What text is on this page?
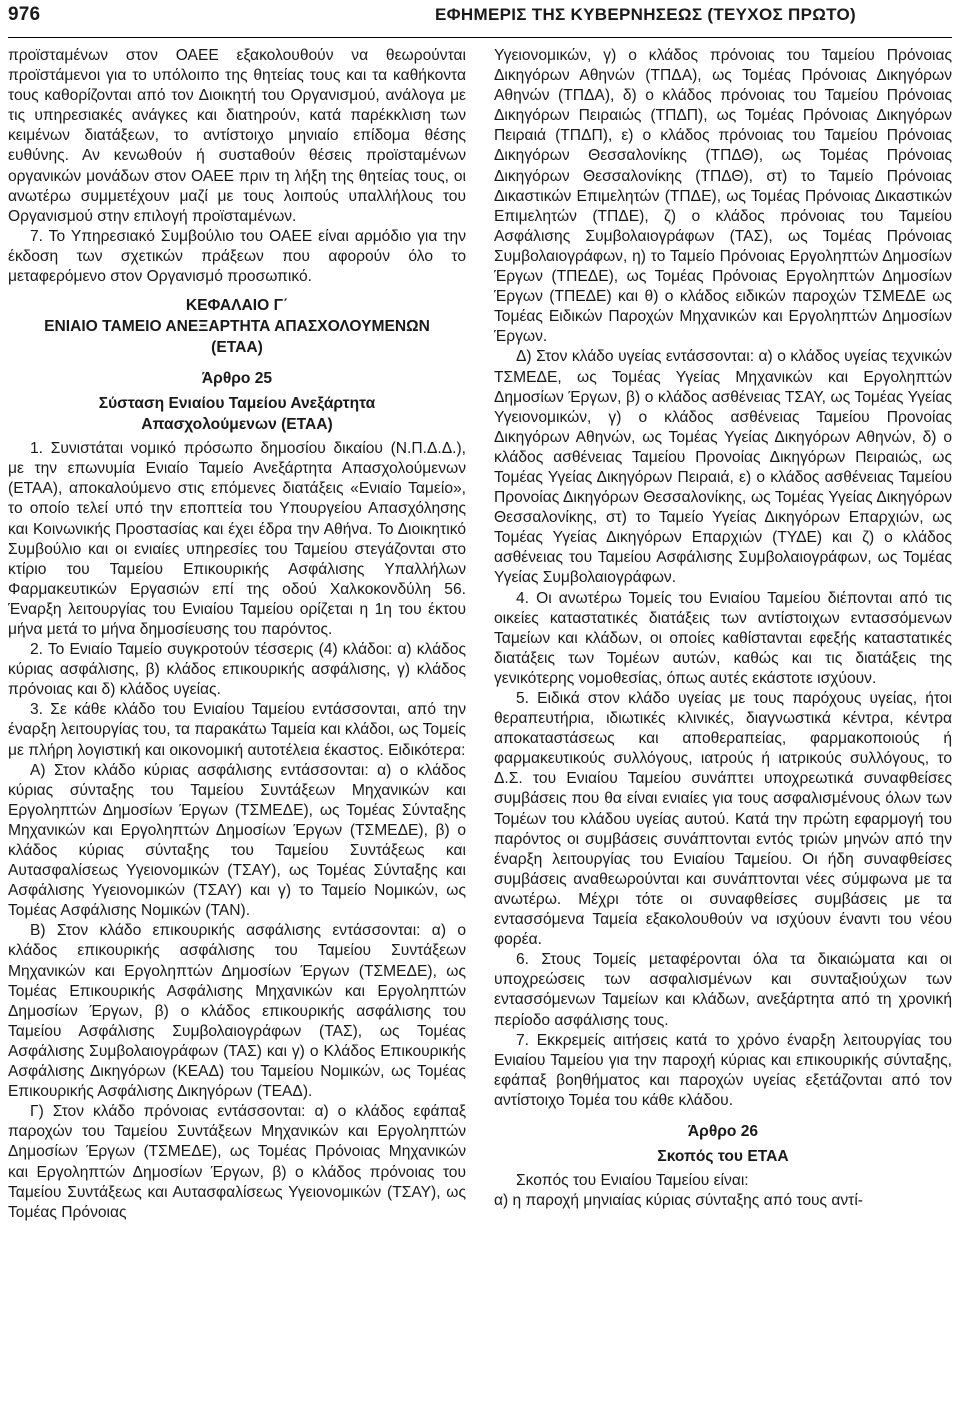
976	ΕΦΗΜΕΡΙΣ ΤΗΣ ΚΥΒΕΡΝΗΣΕΩΣ (ΤΕΥΧΟΣ ΠΡΩΤΟ)

προϊσταμένων στον ΟΑΕΕ εξακολουθούν να θεωρούνται προϊστάμενοι για το υπόλοιπο της θητείας τους και τα καθήκοντα τους καθορίζονται από τον Διοικητή του Οργανισμού, ανάλογα με τις υπηρεσιακές ανάγκες και διατηρούν, κατά παρέκκλιση των κειμένων διατάξεων, το αντίστοιχο μηνιαίο επίδομα θέσης ευθύνης. Αν κενωθούν ή συσταθούν θέσεις προϊσταμένων οργανικών μονάδων στον ΟΑΕΕ πριν τη λήξη της θητείας τους, οι ανωτέρω συμμετέχουν μαζί με τους λοιπούς υπαλλήλους του Οργανισμού στην επιλογή προϊσταμένων.

7. Το Υπηρεσιακό Συμβούλιο του ΟΑΕΕ είναι αρμόδιο για την έκδοση των σχετικών πράξεων που αφορούν όλο το μεταφερόμενο στον Οργανισμό προσωπικό.

ΚΕΦΑΛΑΙΟ Γ΄
ΕΝΙΑΙΟ ΤΑΜΕΙΟ ΑΝΕΞΑΡΤΗΤΑ ΑΠΑΣΧΟΛΟΥΜΕΝΩΝ
(ΕΤΑΑ)
Άρθρο 25
Σύσταση Ενιαίου Ταμείου Ανεξάρτητα
Απασχολούμενων (ΕΤΑΑ)

1. Συνιστάται νομικό πρόσωπο δημοσίου δικαίου (Ν.Π.Δ.Δ.), με την επωνυμία Ενιαίο Ταμείο Ανεξάρτητα Απασχολούμενων (ΕΤΑΑ), αποκαλούμενο στις επόμενες διατάξεις «Ενιαίο Ταμείο», το οποίο τελεί υπό την εποπτεία του Υπουργείου Απασχόλησης και Κοινωνικής Προστασίας και έχει έδρα την Αθήνα. Το Διοικητικό Συμβούλιο και οι ενιαίες υπηρεσίες του Ταμείου στεγάζονται στο κτίριο του Ταμείου Επικουρικής Ασφάλισης Υπαλλήλων Φαρμακευτικών Εργασιών επί της οδού Χαλκοκονδύλη 56. Έναρξη λειτουργίας του Ενιαίου Ταμείου ορίζεται η 1η του έκτου μήνα μετά το μήνα δημοσίευσης του παρόντος.

2. Το Ενιαίο Ταμείο συγκροτούν τέσσερις (4) κλάδοι: α) κλάδος κύριας ασφάλισης, β) κλάδος επικουρικής ασφάλισης, γ) κλάδος πρόνοιας και δ) κλάδος υγείας.

3. Σε κάθε κλάδο του Ενιαίου Ταμείου εντάσσονται, από την έναρξη λειτουργίας του, τα παρακάτω Ταμεία και κλάδοι, ως Τομείς με πλήρη λογιστική και οικονομική αυτοτέλεια έκαστος. Ειδικότερα:

Α) Στον κλάδο κύριας ασφάλισης εντάσσονται: α) ο κλάδος κύριας σύνταξης του Ταμείου Συντάξεων Μηχανικών και Εργοληπτών Δημοσίων Έργων (ΤΣΜΕΔΕ), ως Τομέας Σύνταξης Μηχανικών και Εργοληπτών Δημοσίων Έργων (ΤΣΜΕΔΕ), β) ο κλάδος κύριας σύνταξης του Ταμείου Συντάξεως και Αυτασφαλίσεως Υγειονομικών (ΤΣΑΥ), ως Τομέας Σύνταξης και Ασφάλισης Υγειονομικών (ΤΣΑΥ) και γ) το Ταμείο Νομικών, ως Τομέας Ασφάλισης Νομικών (ΤΑΝ).

Β) Στον κλάδο επικουρικής ασφάλισης εντάσσονται: α) ο κλάδος επικουρικής ασφάλισης του Ταμείου Συντάξεων Μηχανικών και Εργοληπτών Δημοσίων Έργων (ΤΣΜΕΔΕ), ως Τομέας Επικουρικής Ασφάλισης Μηχανικών και Εργοληπτών Δημοσίων Έργων, β) ο κλάδος επικουρικής ασφάλισης του Ταμείου Ασφάλισης Συμβολαιογράφων (ΤΑΣ), ως Τομέας Ασφάλισης Συμβολαιογράφων (ΤΑΣ) και γ) ο Κλάδος Επικουρικής Ασφάλισης Δικηγόρων (ΚΕΑΔ) του Ταμείου Νομικών, ως Τομέας Επικουρικής Ασφάλισης Δικηγόρων (ΤΕΑΔ).

Γ) Στον κλάδο πρόνοιας εντάσσονται: α) ο κλάδος εφάπαξ παροχών του Ταμείου Συντάξεων Μηχανικών και Εργοληπτών Δημοσίων Έργων (ΤΣΜΕΔΕ), ως Τομέας Πρόνοιας Μηχανικών και Εργοληπτών Δημοσίων Έργων, β) ο κλάδος πρόνοιας του Ταμείου Συντάξεως και Αυτασφαλίσεως Υγειονομικών (ΤΣΑΥ), ως Τομέας Πρόνοιας

Υγειονομικών, γ) ο κλάδος πρόνοιας του Ταμείου Πρόνοιας Δικηγόρων Αθηνών (ΤΠΔΑ), ως Τομέας Πρόνοιας Δικηγόρων Αθηνών (ΤΠΔΑ), δ) ο κλάδος πρόνοιας του Ταμείου Πρόνοιας Δικηγόρων Πειραιώς (ΤΠΔΠ), ως Τομέας Πρόνοιας Δικηγόρων Πειραιά (ΤΠΔΠ), ε) ο κλάδος πρόνοιας του Ταμείου Πρόνοιας Δικηγόρων Θεσσαλονίκης (ΤΠΔΘ), ως Τομέας Πρόνοιας Δικηγόρων Θεσσαλονίκης (ΤΠΔΘ), στ) το Ταμείο Πρόνοιας Δικαστικών Επιμελητών (ΤΠΔΕ), ως Τομέας Πρόνοιας Δικαστικών Επιμελητών (ΤΠΔΕ), ζ) ο κλάδος πρόνοιας του Ταμείου Ασφάλισης Συμβολαιογράφων (ΤΑΣ), ως Τομέας Πρόνοιας Συμβολαιογράφων, η) το Ταμείο Πρόνοιας Εργοληπτών Δημοσίων Έργων (ΤΠΕΔΕ), ως Τομέας Πρόνοιας Εργοληπτών Δημοσίων Έργων (ΤΠΕΔΕ) και θ) ο κλάδος ειδικών παροχών ΤΣΜΕΔΕ ως Τομέας Ειδικών Παροχών Μηχανικών και Εργοληπτών Δημοσίων Έργων.

Δ) Στον κλάδο υγείας εντάσσονται: α) ο κλάδος υγείας τεχνικών ΤΣΜΕΔΕ, ως Τομέας Υγείας Μηχανικών και Εργοληπτών Δημοσίων Έργων, β) ο κλάδος ασθένειας ΤΣΑΥ, ως Τομέας Υγείας Υγειονομικών, γ) ο κλάδος ασθένειας Ταμείου Προνοίας Δικηγόρων Αθηνών, ως Τομέας Υγείας Δικηγόρων Αθηνών, δ) ο κλάδος ασθένειας Ταμείου Προνοίας Δικηγόρων Πειραιώς, ως Τομέας Υγείας Δικηγόρων Πειραιά, ε) ο κλάδος ασθένειας Ταμείου Προνοίας Δικηγόρων Θεσσαλονίκης, ως Τομέας Υγείας Δικηγόρων Θεσσαλονίκης, στ) το Ταμείο Υγείας Δικηγόρων Επαρχιών, ως Τομέας Υγείας Δικηγόρων Επαρχιών (ΤΥΔΕ) και ζ) ο κλάδος ασθένειας του Ταμείου Ασφάλισης Συμβολαιογράφων, ως Τομέας Υγείας Συμβολαιογράφων.

4. Οι ανωτέρω Τομείς του Ενιαίου Ταμείου διέπονται από τις οικείες καταστατικές διατάξεις των αντίστοιχων εντασσόμενων Ταμείων και κλάδων, οι οποίες καθίστανται εφεξής καταστατικές διατάξεις των Τομέων αυτών, καθώς και τις διατάξεις της γενικότερης νομοθεσίας, όπως αυτές εκάστοτε ισχύουν.

5. Ειδικά στον κλάδο υγείας με τους παρόχους υγείας, ήτοι θεραπευτήρια, ιδιωτικές κλινικές, διαγνωστικά κέντρα, κέντρα αποκαταστάσεως και αποθεραπείας, φαρμακοποιούς ή φαρμακευτικούς συλλόγους, ιατρούς ή ιατρικούς συλλόγους, το Δ.Σ. του Ενιαίου Ταμείου συνάπτει υποχρεωτικά συναφθείσες συμβάσεις που θα είναι ενιαίες για τους ασφαλισμένους όλων των Τομέων του κλάδου υγείας αυτού. Κατά την πρώτη εφαρμογή του παρόντος οι συμβάσεις συνάπτονται εντός τριών μηνών από την έναρξη λειτουργίας του Ενιαίου Ταμείου. Οι ήδη συναφθείσες συμβάσεις αναθεωρούνται και συνάπτονται νέες σύμφωνα με τα ανωτέρω. Μέχρι τότε οι συναφθείσες συμβάσεις με τα εντασσόμενα Ταμεία εξακολουθούν να ισχύουν έναντι του νέου φορέα.

6. Στους Τομείς μεταφέρονται όλα τα δικαιώματα και οι υποχρεώσεις των ασφαλισμένων και συνταξιούχων των εντασσόμενων Ταμείων και κλάδων, ανεξάρτητα από τη χρονική περίοδο ασφάλισης τους.

7. Εκκρεμείς αιτήσεις κατά το χρόνο έναρξη λειτουργίας του Ενιαίου Ταμείου για την παροχή κύριας και επικουρικής σύνταξης, εφάπαξ βοηθήματος και παροχών υγείας εξετάζονται από τον αντίστοιχο Τομέα του κάθε κλάδου.

Άρθρο 26
Σκοπός του ΕΤΑΑ

Σκοπός του Ενιαίου Ταμείου είναι:

α) η παροχή μηνιαίας κύριας σύνταξης από τους αντί-
